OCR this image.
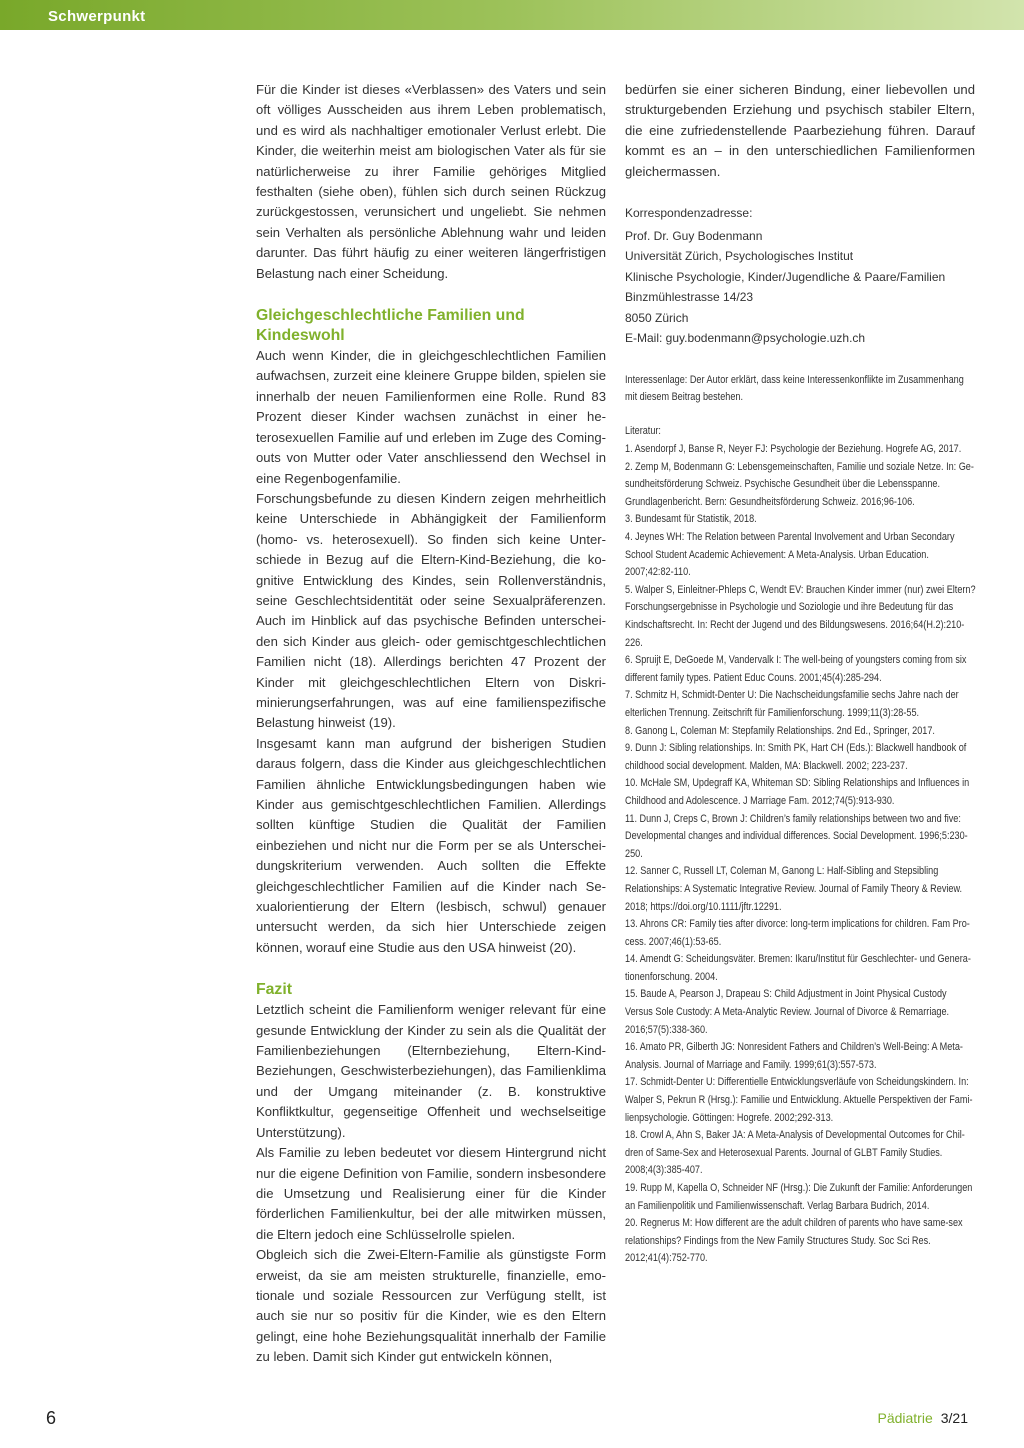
Schwerpunkt

Für die Kinder ist dieses «Verblassen» des Vaters und sein oft völliges Ausscheiden aus ihrem Leben problematisch, und es wird als nachhaltiger emotionaler Verlust erlebt. Die Kinder, die weiterhin meist am biologischen Vater als für sie natürlicherweise zu ihrer Familie gehöriges Mitglied festhalten (siehe oben), fühlen sich durch seinen Rückzug zurückgestossen, verunsichert und ungeliebt. Sie nehmen sein Verhalten als persönliche Ablehnung wahr und leiden darunter. Das führt häufig zu einer weiteren längerfristigen Belastung nach einer Scheidung.

Gleichgeschlechtliche Familien und Kindeswohl

Auch wenn Kinder, die in gleichgeschlechtlichen Familien aufwachsen, zurzeit eine kleinere Gruppe bilden, spielen sie innerhalb der neuen Familienformen eine Rolle. Rund 83 Prozent dieser Kinder wachsen zunächst in einer heterosexuellen Familie auf und erleben im Zuge des Coming-outs von Mutter oder Vater anschliessend den Wechsel in eine Regenbogenfamilie.

Forschungsbefunde zu diesen Kindern zeigen mehrheitlich keine Unterschiede in Abhängigkeit der Familienform (homo- vs. heterosexuell). So finden sich keine Unterschiede in Bezug auf die Eltern-Kind-Beziehung, die kognitive Entwicklung des Kindes, sein Rollenverständnis, seine Geschlechtsidentität oder seine Sexualpräferenzen. Auch im Hinblick auf das psychische Befinden unterscheiden sich Kinder aus gleich- oder gemischtgeschlechtlichen Familien nicht (18). Allerdings berichten 47 Prozent der Kinder mit gleichgeschlechtlichen Eltern von Diskriminierungserfahrungen, was auf eine familienspezifische Belastung hinweist (19).

Insgesamt kann man aufgrund der bisherigen Studien daraus folgern, dass die Kinder aus gleichgeschlechtlichen Familien ähnliche Entwicklungsbedingungen haben wie Kinder aus gemischtgeschlechtlichen Familien. Allerdings sollten künftige Studien die Qualität der Familien einbeziehen und nicht nur die Form per se als Unterscheidungskriterium verwenden. Auch sollten die Effekte gleichgeschlechtlicher Familien auf die Kinder nach Sexualorientierung der Eltern (lesbisch, schwul) genauer untersucht werden, da sich hier Unterschiede zeigen können, worauf eine Studie aus den USA hinweist (20).

Fazit

Letztlich scheint die Familienform weniger relevant für eine gesunde Entwicklung der Kinder zu sein als die Qualität der Familienbeziehungen (Elternbeziehung, Eltern-Kind-Beziehungen, Geschwisterbeziehungen), das Familienklima und der Umgang miteinander (z. B. konstruktive Konfliktkultur, gegenseitige Offenheit und wechselseitige Unterstützung).

Als Familie zu leben bedeutet vor diesem Hintergrund nicht nur die eigene Definition von Familie, sondern insbesondere die Umsetzung und Realisierung einer für die Kinder förderlichen Familienkultur, bei der alle mitwirken müssen, die Eltern jedoch eine Schlüsselrolle spielen.

Obgleich sich die Zwei-Eltern-Familie als günstigste Form erweist, da sie am meisten strukturelle, finanzielle, emotionale und soziale Ressourcen zur Verfügung stellt, ist auch sie nur so positiv für die Kinder, wie es den Eltern gelingt, eine hohe Beziehungsqualität innerhalb der Familie zu leben. Damit sich Kinder gut entwickeln können,

bedürfen sie einer sicheren Bindung, einer liebevollen und strukturgebenden Erziehung und psychisch stabiler Eltern, die eine zufriedenstellende Paarbeziehung führen. Darauf kommt es an – in den unterschiedlichen Familienformen gleichermassen.

Korrespondenzadresse:

Prof. Dr. Guy Bodenmann

Universität Zürich, Psychologisches Institut

Klinische Psychologie, Kinder/Jugendliche & Paare/Familien

Binzmühlestrasse 14/23

8050 Zürich

E-Mail: guy.bodenmann@psychologie.uzh.ch

Interessenlage: Der Autor erklärt, dass keine Interessenkonflikte im Zusammenhang mit diesem Beitrag bestehen.

Literatur:

1. Asendorpf J, Banse R, Neyer FJ: Psychologie der Beziehung. Hogrefe AG, 2017.
2. Zemp M, Bodenmann G: Lebensgemeinschaften, Familie und soziale Netze. In: Gesundheitsförderung Schweiz. Psychische Gesundheit über die Lebensspanne. Grundlagenbericht. Bern: Gesundheitsförderung Schweiz. 2016;96-106.
3. Bundesamt für Statistik, 2018.
4. Jeynes WH: The Relation between Parental Involvement and Urban Secondary School Student Academic Achievement: A Meta-Analysis. Urban Education. 2007;42:82-110.
5. Walper S, Einleitner-Phleps C, Wendt EV: Brauchen Kinder immer (nur) zwei Eltern? Forschungsergebnisse in Psychologie und Soziologie und ihre Bedeutung für das Kindschaftsrecht. In: Recht der Jugend und des Bildungswesens. 2016;64(H.2):210-226.
6. Spruijt E, DeGoede M, Vandervalk I: The well-being of youngsters coming from six different family types. Patient Educ Couns. 2001;45(4):285-294.
7. Schmitz H, Schmidt-Denter U: Die Nachscheidungsfamilie sechs Jahre nach der elterlichen Trennung. Zeitschrift für Familienforschung. 1999;11(3):28-55.
8. Ganong L, Coleman M: Stepfamily Relationships. 2nd Ed., Springer, 2017.
9. Dunn J: Sibling relationships. In: Smith PK, Hart CH (Eds.): Blackwell handbook of childhood social development. Malden, MA: Blackwell. 2002; 223-237.
10. McHale SM, Updegraff KA, Whiteman SD: Sibling Relationships and Influences in Childhood and Adolescence. J Marriage Fam. 2012;74(5):913-930.
11. Dunn J, Creps C, Brown J: Children’s family relationships between two and five: Developmental changes and individual differences. Social Development. 1996;5:230-250.
12. Sanner C, Russell LT, Coleman M, Ganong L: Half-Sibling and Stepsibling Relationships: A Systematic Integrative Review. Journal of Family Theory & Review. 2018; https://doi.org/10.1111/jftr.12291.
13. Ahrons CR: Family ties after divorce: long-term implications for children. Fam Process. 2007;46(1):53-65.
14. Amendt G: Scheidungsväter. Bremen: Ikaru/Institut für Geschlechter- und Generationenforschung. 2004.
15. Baude A, Pearson J, Drapeau S: Child Adjustment in Joint Physical Custody Versus Sole Custody: A Meta-Analytic Review. Journal of Divorce & Remarriage. 2016;57(5):338-360.
16. Amato PR, Gilberth JG: Nonresident Fathers and Children’s Well-Being: A Meta-Analysis. Journal of Marriage and Family. 1999;61(3):557-573.
17. Schmidt-Denter U: Differentielle Entwicklungsverläufe von Scheidungskindern. In: Walper S, Pekrun R (Hrsg.): Familie und Entwicklung. Aktuelle Perspektiven der Familienpsychologie. Göttingen: Hogrefe. 2002;292-313.
18. Crowl A, Ahn S, Baker JA: A Meta-Analysis of Developmental Outcomes for Children of Same-Sex and Heterosexual Parents. Journal of GLBT Family Studies. 2008;4(3):385-407.
19. Rupp M, Kapella O, Schneider NF (Hrsg.): Die Zukunft der Familie: Anforderungen an Familienpolitik und Familienwissenschaft. Verlag Barbara Budrich, 2014.
20. Regnerus M: How different are the adult children of parents who have same-sex relationships? Findings from the New Family Structures Study. Soc Sci Res. 2012;41(4):752-770.
6	Pädiatrie 3/21
